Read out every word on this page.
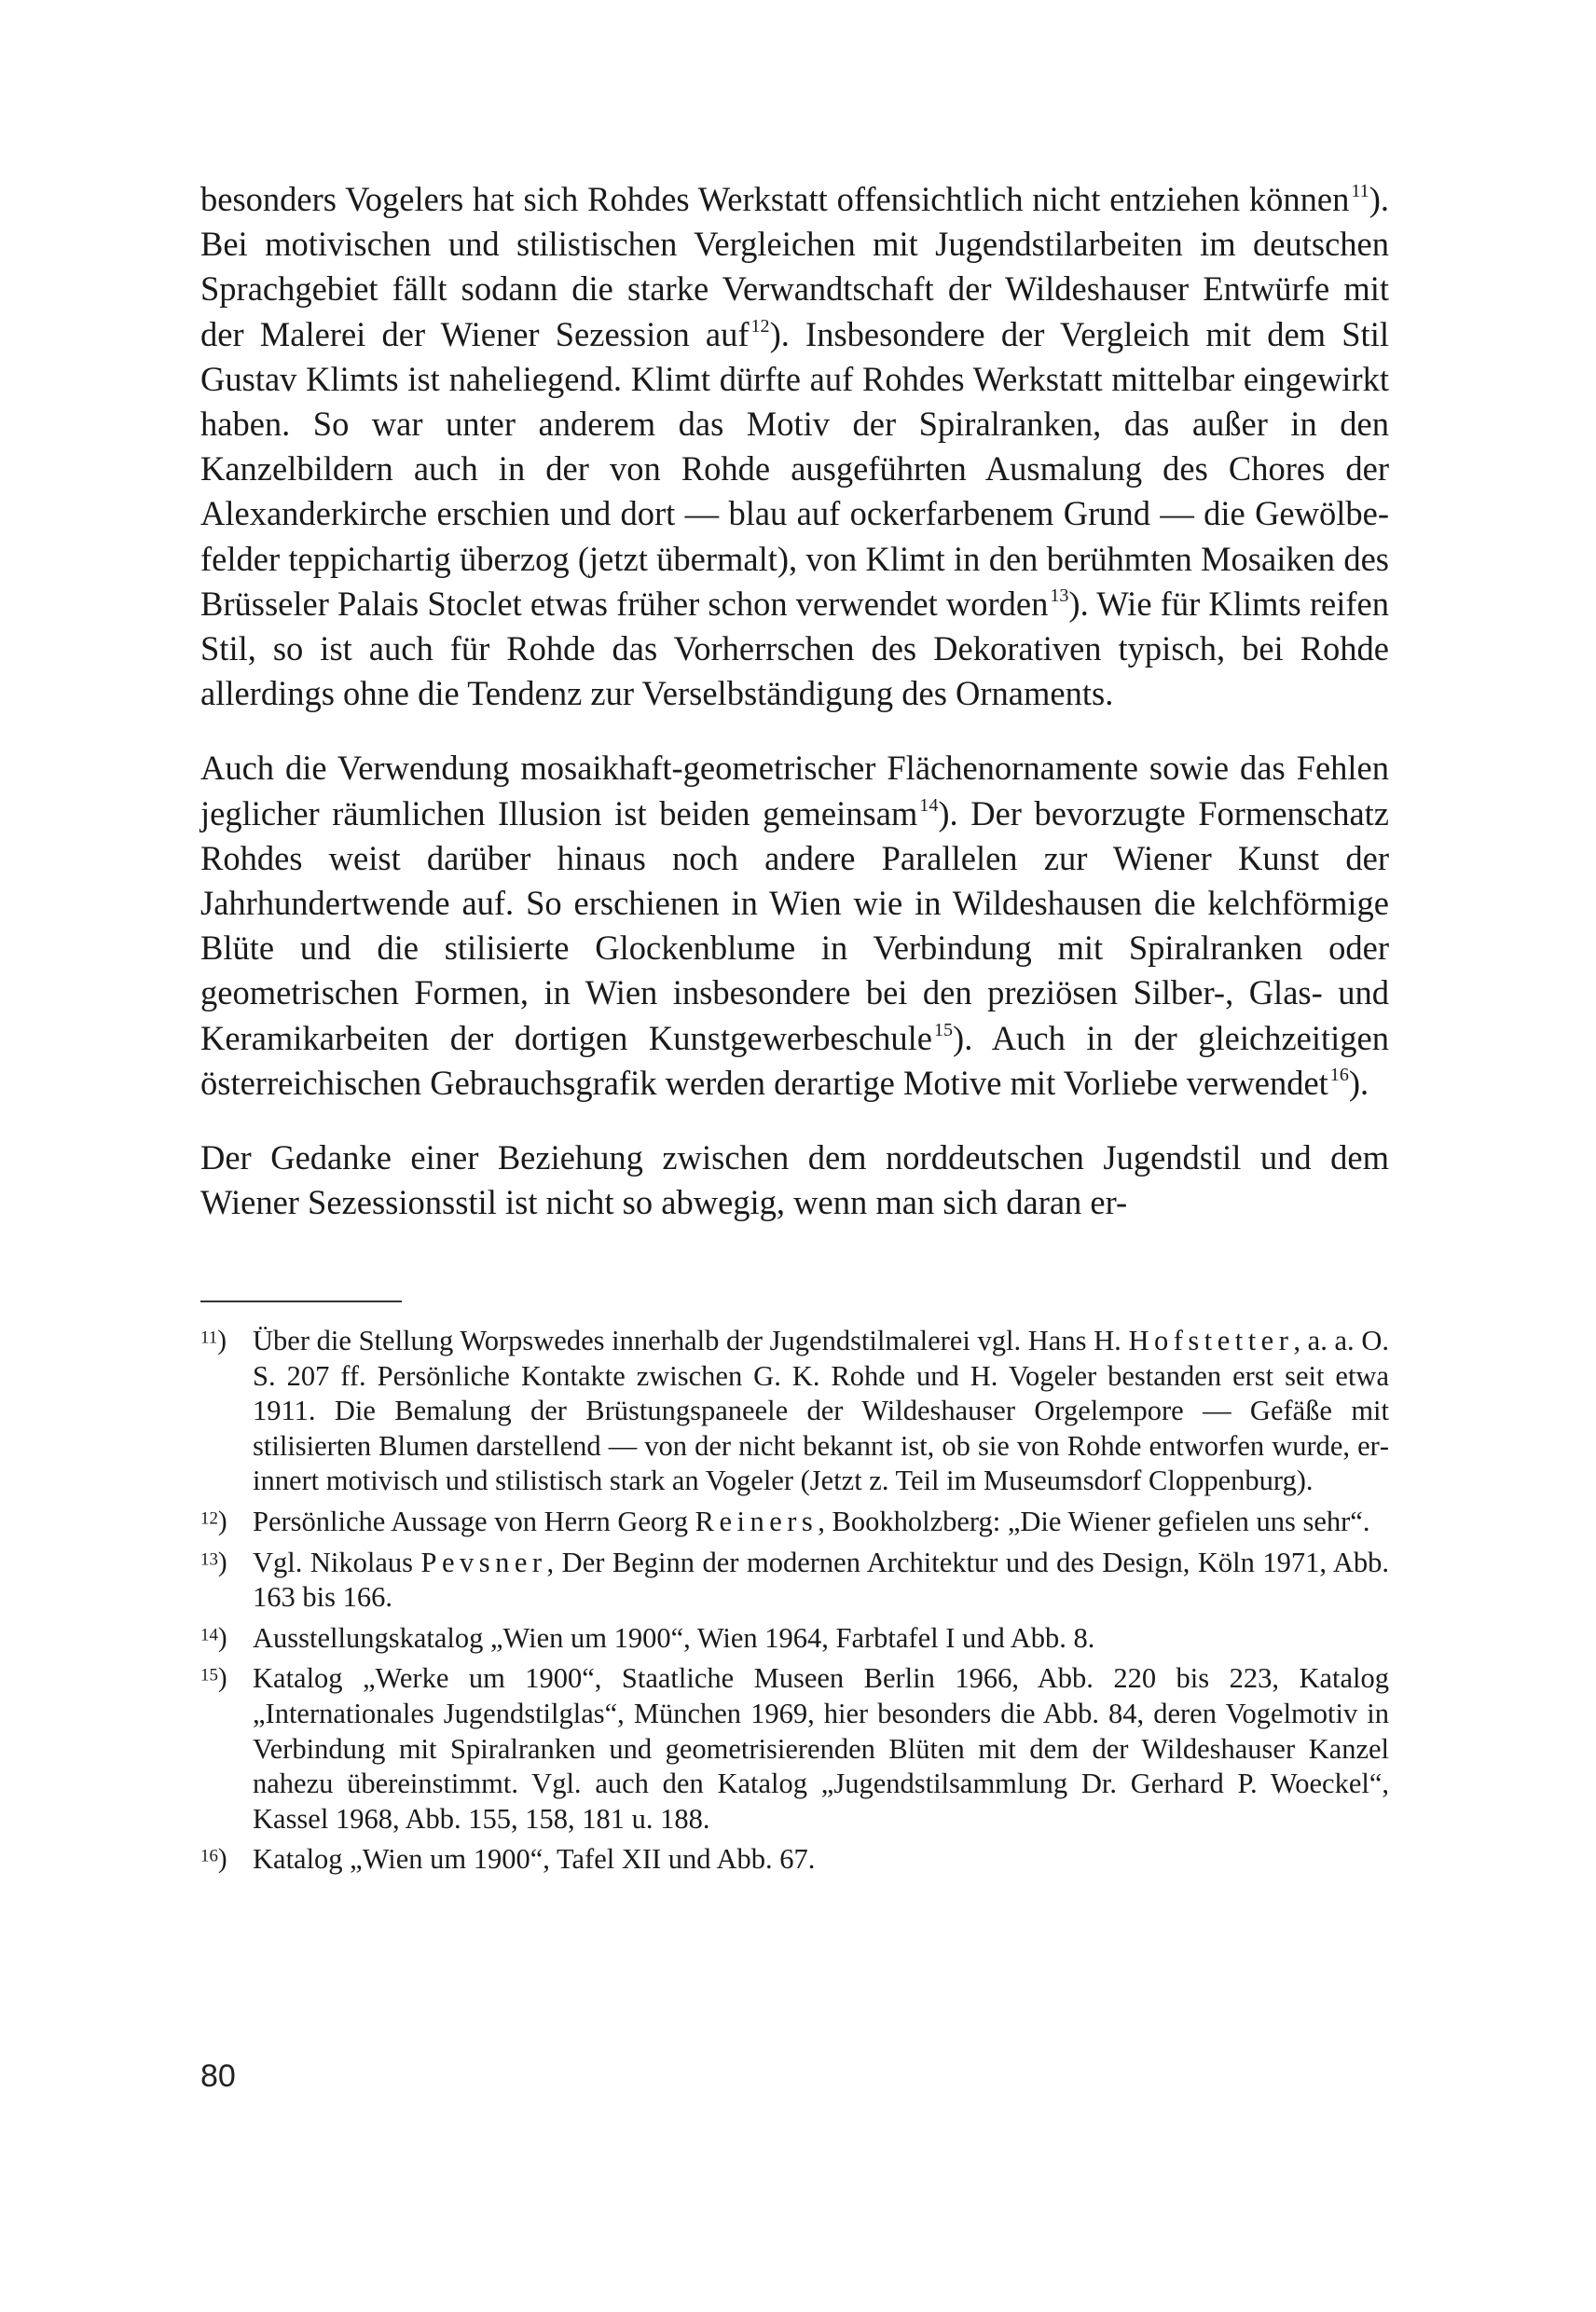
besonders Vogelers hat sich Rohdes Werkstatt offensichtlich nicht entziehen können$^{11}$). Bei motivischen und stilistischen Vergleichen mit Jugendstilarbeiten im deutschen Sprachgebiet fällt sodann die starke Verwandtschaft der Wildeshauser Entwürfe mit der Malerei der Wiener Sezession auf$^{12}$). Insbesondere der Vergleich mit dem Stil Gustav Klimts ist naheliegend. Klimt dürfte auf Rohdes Werkstatt mittelbar eingewirkt haben. So war unter anderem das Motiv der Spiralranken, das außer in den Kanzelbildern auch in der von Rohde ausgeführten Ausmalung des Chores der Alexanderkirche erschien und dort — blau auf ockerfarbenem Grund — die Gewölbefelder teppichartig überzog (jetzt übermalt), von Klimt in den berühmten Mosaiken des Brüsseler Palais Stoclet etwas früher schon verwendet worden$^{13}$). Wie für Klimts reifen Stil, so ist auch für Rohde das Vorherrschen des Dekorativen typisch, bei Rohde allerdings ohne die Tendenz zur Verselbständigung des Ornaments.

Auch die Verwendung mosaikhaft-geometrischer Flächenornamente sowie das Fehlen jeglicher räumlichen Illusion ist beiden gemeinsam$^{14}$). Der bevorzugte Formenschatz Rohdes weist darüber hinaus noch andere Parallelen zur Wiener Kunst der Jahrhundertwende auf. So erschienen in Wien wie in Wildeshausen die kelchförmige Blüte und die stilisierte Glockenblume in Verbindung mit Spiralranken oder geometrischen Formen, in Wien insbesondere bei den preziösen Silber-, Glas- und Keramikarbeiten der dortigen Kunstgewerbeschule$^{15}$). Auch in der gleichzeitigen österreichischen Gebrauchsgrafik werden derartige Motive mit Vorliebe verwendet$^{16}$).

Der Gedanke einer Beziehung zwischen dem norddeutschen Jugendstil und dem Wiener Sezessionsstil ist nicht so abwegig, wenn man sich daran er-

11) Über die Stellung Worpswedes innerhalb der Jugendstilmalerei vgl. Hans H. Hofstetter, a. a. O. S. 207 ff. Persönliche Kontakte zwischen G. K. Rohde und H. Vogeler bestanden erst seit etwa 1911. Die Bemalung der Brüstungspaneele der Wildeshauser Orgelempore — Gefäße mit stilisierten Blumen darstellend — von der nicht bekannt ist, ob sie von Rohde entworfen wurde, erinnert motivisch und stilistisch stark an Vogeler (Jetzt z. Teil im Museumsdorf Cloppenburg).
12) Persönliche Aussage von Herrn Georg Reiners, Bookholzberg: „Die Wiener gefielen uns sehr“.
13) Vgl. Nikolaus Pevsner, Der Beginn der modernen Architektur und des Design, Köln 1971, Abb. 163 bis 166.
14) Ausstellungskatalog „Wien um 1900“, Wien 1964, Farbtafel I und Abb. 8.
15) Katalog „Werke um 1900“, Staatliche Museen Berlin 1966, Abb. 220 bis 223, Katalog „Internationales Jugendstilglas“, München 1969, hier besonders die Abb. 84, deren Vogelmotiv in Verbindung mit Spiralranken und geometrisierenden Blüten mit dem der Wildeshauser Kanzel nahezu übereinstimmt. Vgl. auch den Katalog „Jugendstilsammlung Dr. Gerhard P. Woeckel“, Kassel 1968, Abb. 155, 158, 181 u. 188.
16) Katalog „Wien um 1900“, Tafel XII und Abb. 67.
80
